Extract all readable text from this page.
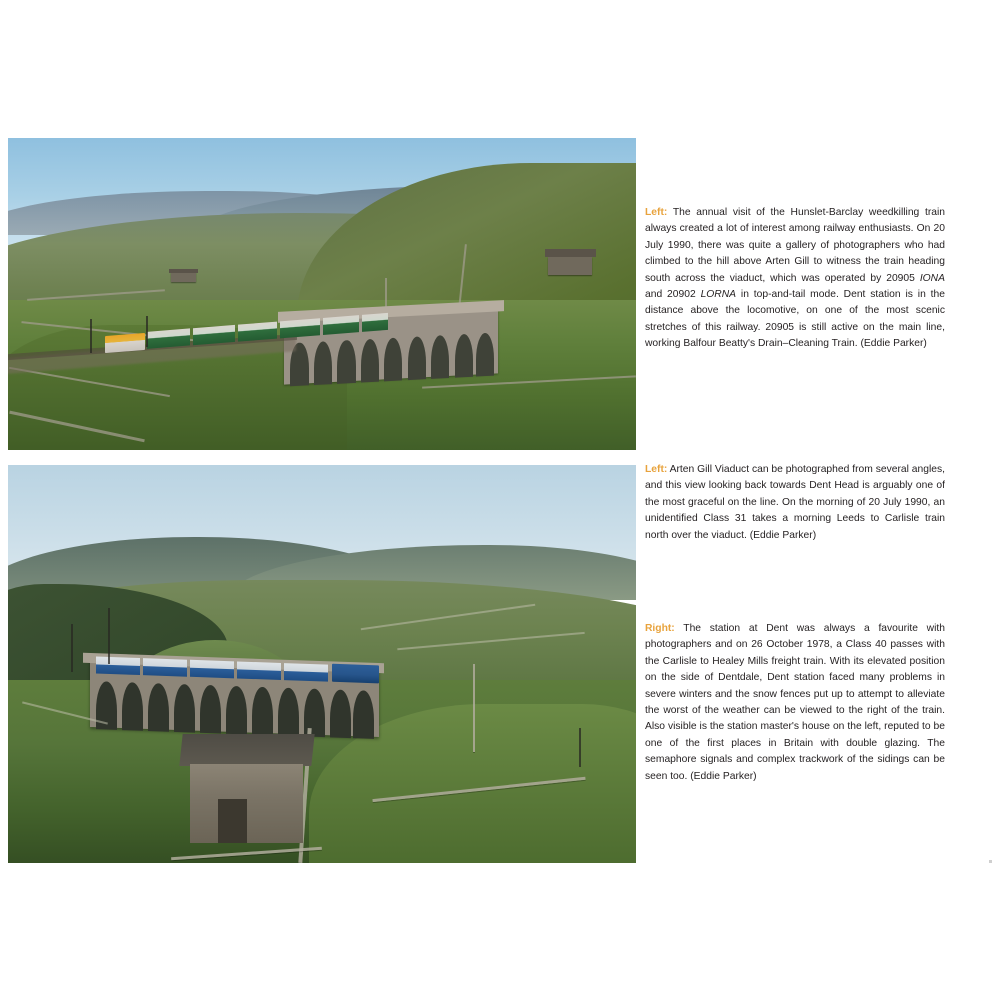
Left: The annual visit of the Hunslet-Barclay weedkilling train always created a lot of interest among railway enthusiasts. On 20 July 1990, there was quite a gallery of photographers who had climbed to the hill above Arten Gill to witness the train heading south across the viaduct, which was operated by 20905 IONA and 20902 LORNA in top-and-tail mode. Dent station is in the distance above the locomotive, on one of the most scenic stretches of this railway. 20905 is still active on the main line, working Balfour Beatty's Drain–Cleaning Train. (Eddie Parker)
Left: Arten Gill Viaduct can be photographed from several angles, and this view looking back towards Dent Head is arguably one of the most graceful on the line. On the morning of 20 July 1990, an unidentified Class 31 takes a morning Leeds to Carlisle train north over the viaduct. (Eddie Parker)
Right: The station at Dent was always a favourite with photographers and on 26 October 1978, a Class 40 passes with the Carlisle to Healey Mills freight train. With its elevated position on the side of Dentdale, Dent station faced many problems in severe winters and the snow fences put up to attempt to alleviate the worst of the weather can be viewed to the right of the train. Also visible is the station master's house on the left, reputed to be one of the first places in Britain with double glazing. The semaphore signals and complex trackwork of the sidings can be seen too. (Eddie Parker)
